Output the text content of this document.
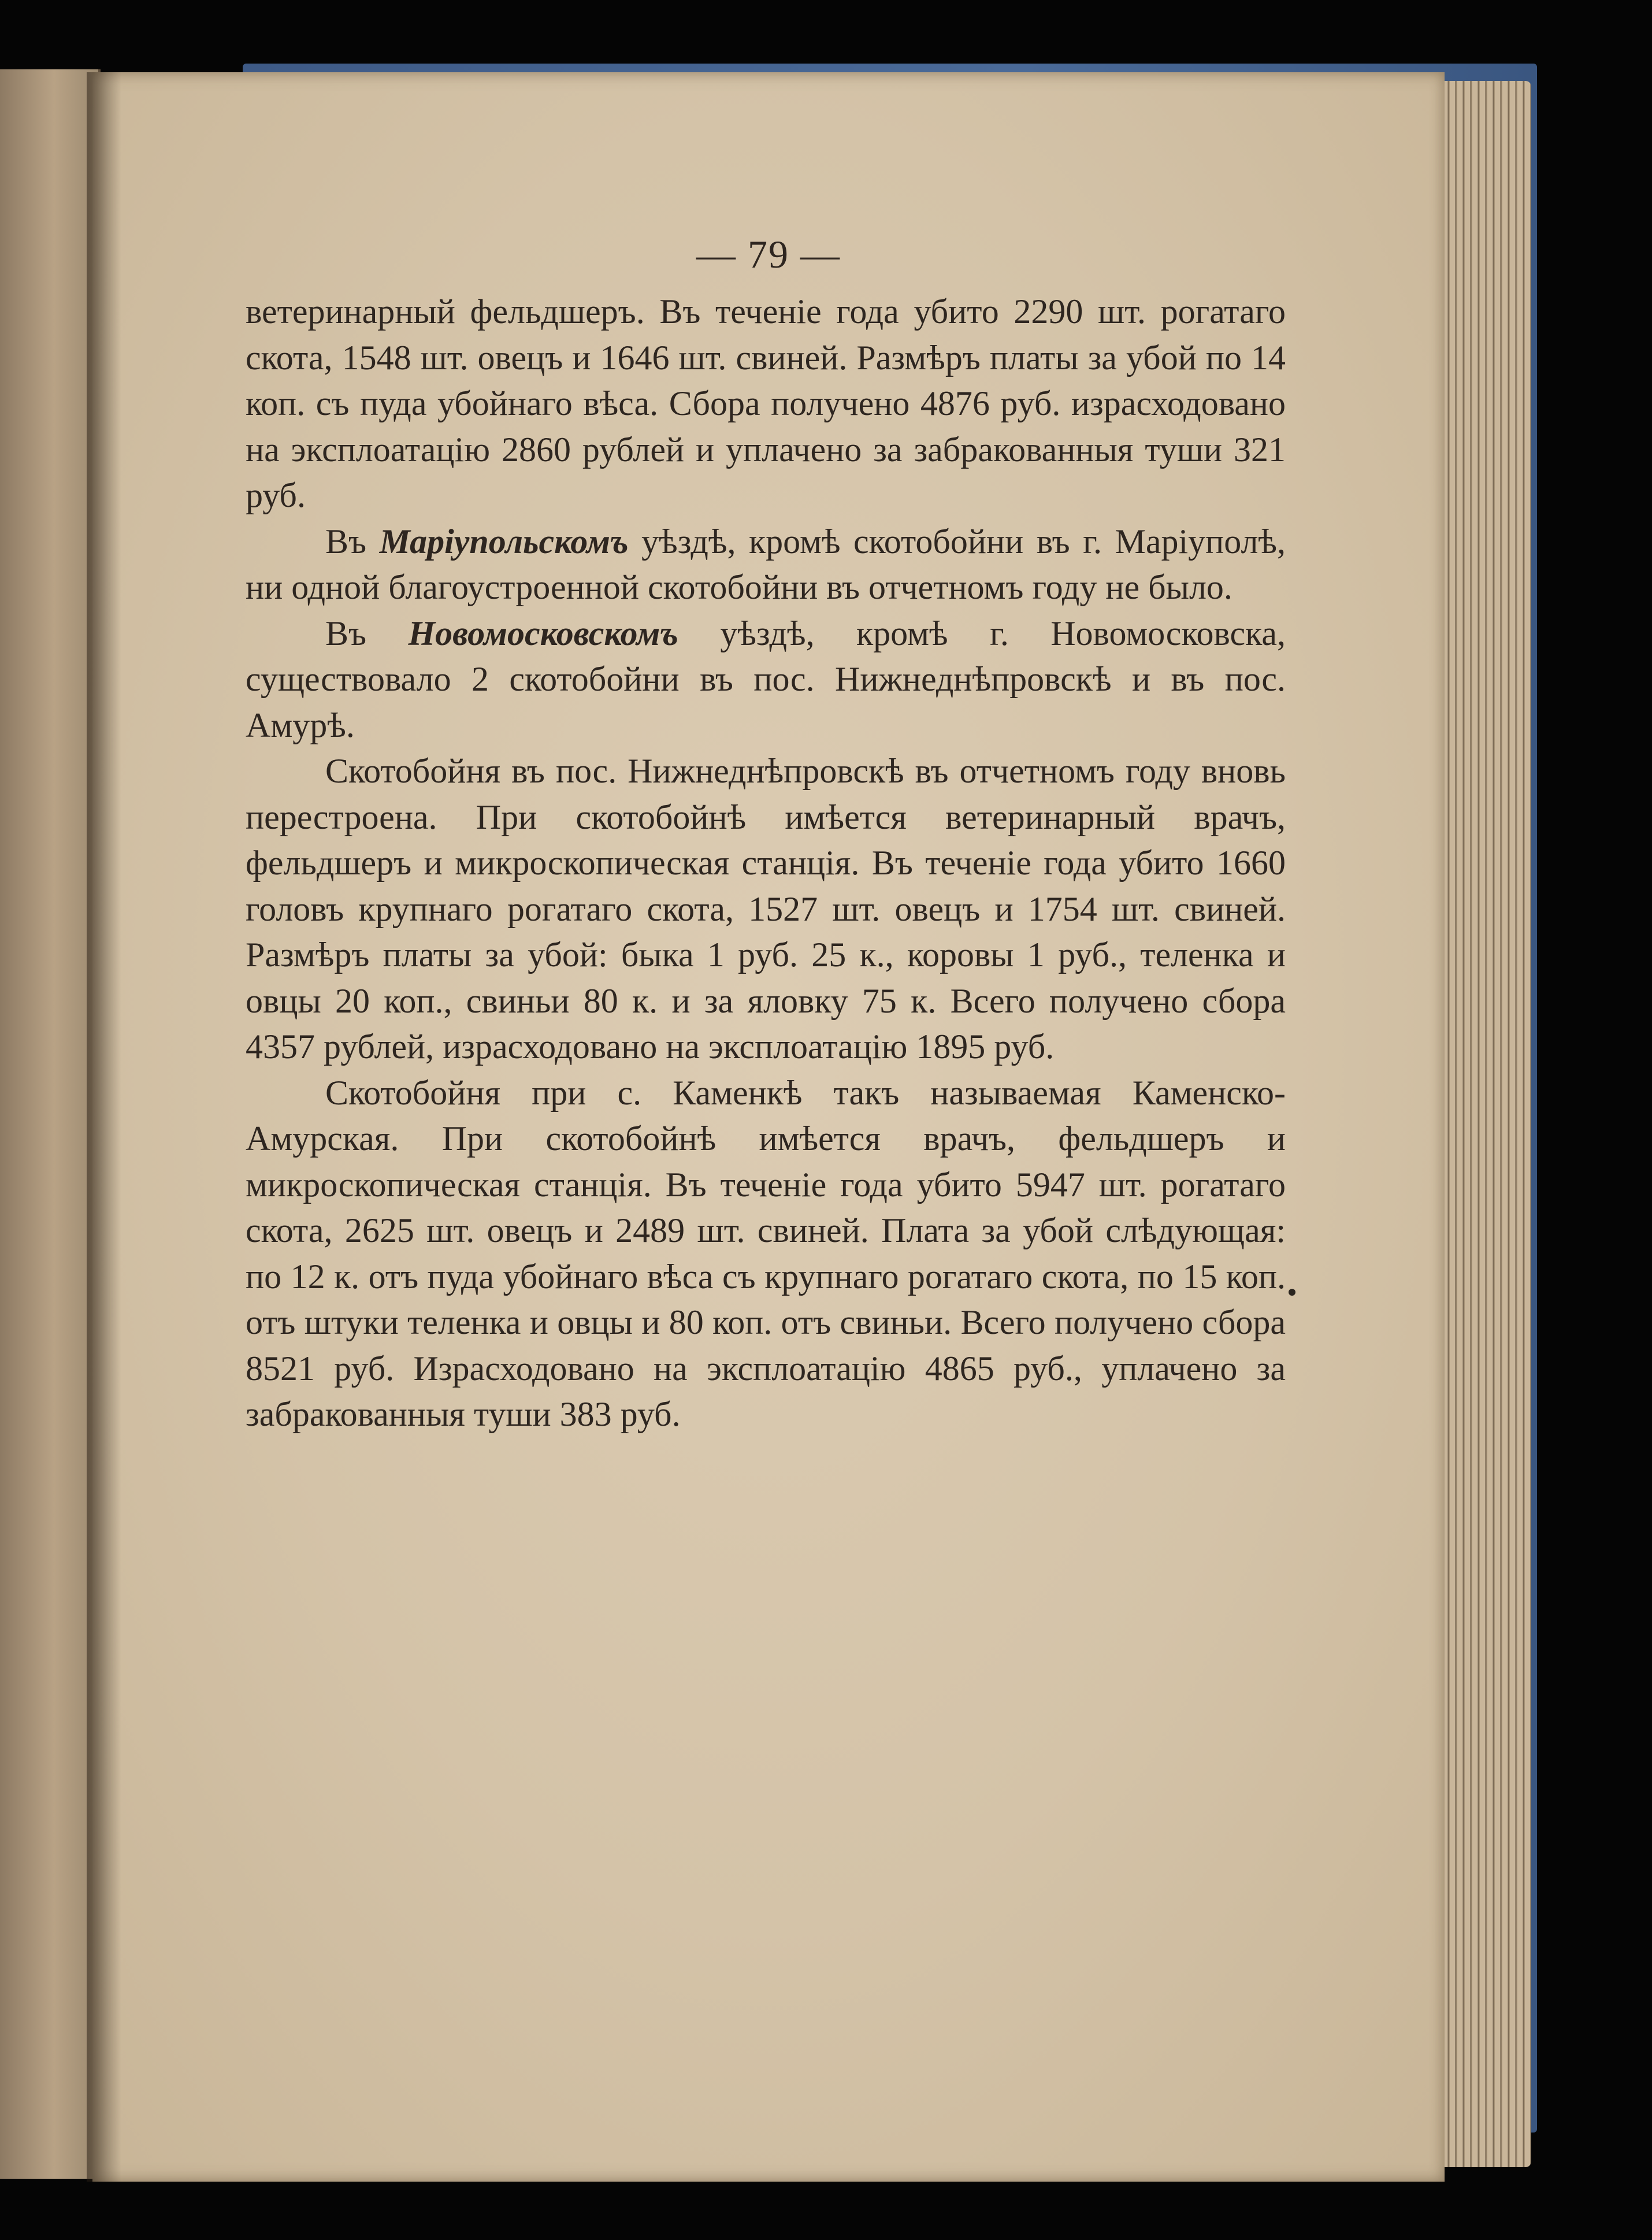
— 79 —

ветеринарный фельдшеръ. Въ теченіе года убито 2290 шт. рогатаго скота, 1548 шт. овецъ и 1646 шт. свиней. Размѣръ платы за убой по 14 коп. съ пуда убойнаго вѣса. Сбора получено 4876 руб. израсходовано на эксплоатацію 2860 рублей и уплачено за забракованныя туши 321 руб.

Въ Маріупольскомъ уѣздѣ, кромѣ скотобойни въ г. Маріуполѣ, ни одной благоустроенной скотобойни въ отчетномъ году не было.

Въ Новомосковскомъ уѣздѣ, кромѣ г. Новомосковска, существовало 2 скотобойни въ пос. Нижнеднѣпровскѣ и въ пос. Амурѣ.

Скотобойня въ пос. Нижнеднѣпровскѣ въ отчетномъ году вновь перестроена. При скотобойнѣ имѣется ветеринарный врачъ, фельдшеръ и микроскопическая станція. Въ теченіе года убито 1660 головъ крупнаго рогатаго скота, 1527 шт. овецъ и 1754 шт. свиней. Размѣръ платы за убой: быка 1 руб. 25 к., коровы 1 руб., теленка и овцы 20 коп., свиньи 80 к. и за яловку 75 к. Всего получено сбора 4357 рублей, израсходовано на эксплоатацію 1895 руб.

Скотобойня при с. Каменкѣ такъ называемая Каменско-Амурская. При скотобойнѣ имѣется врачъ, фельдшеръ и микроскопическая станція. Въ теченіе года убито 5947 шт. рогатаго скота, 2625 шт. овецъ и 2489 шт. свиней. Плата за убой слѣдующая: по 12 к. отъ пуда убойнаго вѣса съ крупнаго рогатаго скота, по 15 коп. отъ штуки теленка и овцы и 80 коп. отъ свиньи. Всего получено сбора 8521 руб. Израсходовано на эксплоатацію 4865 руб., уплачено за забракованныя туши 383 руб.
